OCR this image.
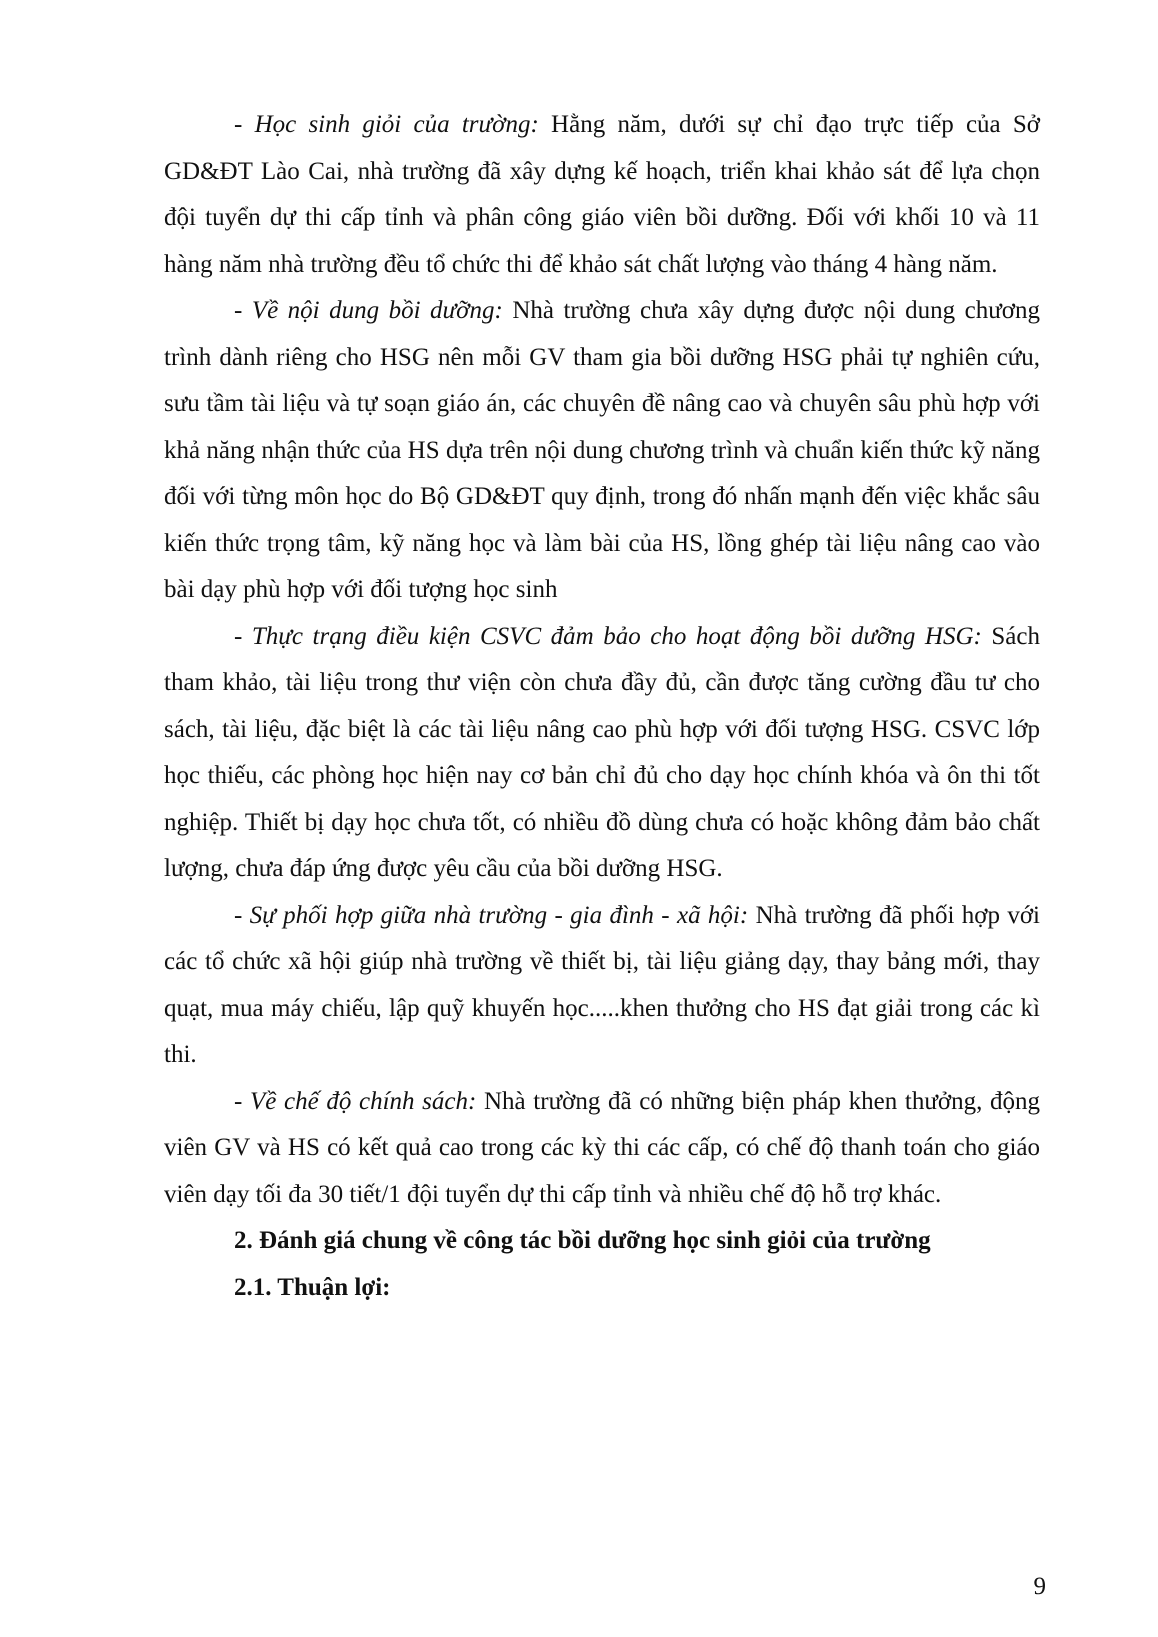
- Học sinh giỏi của trường: Hằng năm, dưới sự chỉ đạo trực tiếp của Sở GD&ĐT Lào Cai, nhà trường đã xây dựng kế hoạch, triển khai khảo sát để lựa chọn đội tuyển dự thi cấp tỉnh và phân công giáo viên bồi dưỡng. Đối với khối 10 và 11 hàng năm nhà trường đều tổ chức thi để khảo sát chất lượng vào tháng 4 hàng năm.

- Về nội dung bồi dưỡng: Nhà trường chưa xây dựng được nội dung chương trình dành riêng cho HSG nên mỗi GV tham gia bồi dưỡng HSG phải tự nghiên cứu, sưu tầm tài liệu và tự soạn giáo án, các chuyên đề nâng cao và chuyên sâu phù hợp với khả năng nhận thức của HS dựa trên nội dung chương trình và chuẩn kiến thức kỹ năng đối với từng môn học do Bộ GD&ĐT quy định, trong đó nhấn mạnh đến việc khắc sâu kiến thức trọng tâm, kỹ năng học và làm bài của HS, lồng ghép tài liệu nâng cao vào bài dạy phù hợp với đối tượng học sinh

- Thực trạng điều kiện CSVC đảm bảo cho hoạt động bồi dưỡng HSG: Sách tham khảo, tài liệu trong thư viện còn chưa đầy đủ, cần được tăng cường đầu tư cho sách, tài liệu, đặc biệt là các tài liệu nâng cao phù hợp với đối tượng HSG. CSVC lớp học thiếu, các phòng học hiện nay cơ bản chỉ đủ cho dạy học chính khóa và ôn thi tốt nghiệp. Thiết bị dạy học chưa tốt, có nhiều đồ dùng chưa có hoặc không đảm bảo chất lượng, chưa đáp ứng được yêu cầu của bồi dưỡng HSG.

- Sự phối hợp giữa nhà trường - gia đình - xã hội: Nhà trường đã phối hợp với các tổ chức xã hội giúp nhà trường về thiết bị, tài liệu giảng dạy, thay bảng mới, thay quạt, mua máy chiếu, lập quỹ khuyến học.....khen thưởng cho HS đạt giải trong các kì thi.

- Về chế độ chính sách: Nhà trường đã có những biện pháp khen thưởng, động viên GV và HS có kết quả cao trong các kỳ thi các cấp, có chế độ thanh toán cho giáo viên dạy tối đa 30 tiết/1 đội tuyển dự thi cấp tỉnh và nhiều chế độ hỗ trợ khác.

2. Đánh giá chung về công tác bồi dưỡng học sinh giỏi của trường

2.1. Thuận lợi:

9
